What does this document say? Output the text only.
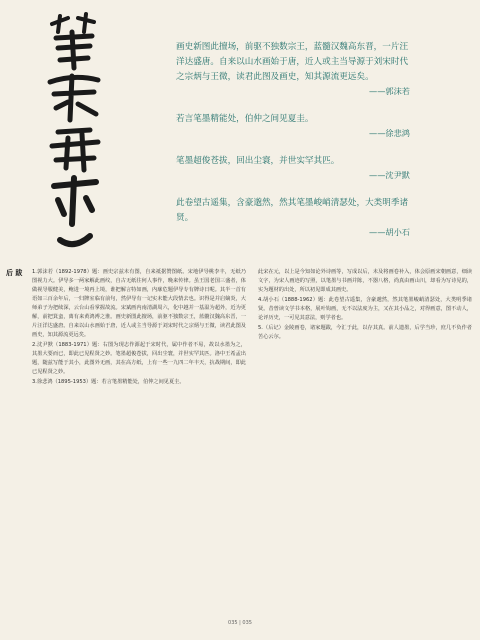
画史新图此擅场，前驱不独数宗王，蓝髓汉魏高东晋，一片汪洋达盛唐。自来以山水画始于唐，近人或主当导源于刘宋时代之宗炳与王微，读君此图及画史，知其源流更远矣。

——郭沫若

若言笔墨精能处，伯仲之间见夏圭。

——徐悲鸿

笔墨超俊苍拔，回出尘寰，并世实罕其匹。

——沈尹默

此卷望古遥集，含豪邈然，然其笔墨峻峭清瑟处，大类明季诸贤。

——胡小石
后 跋 1.郭沫若（1892-1978）题：画史宗兹未有图，自来祗据赞图纸。宋地伊导桃李丰，无纸乃图视力大。伊导多一两家解此画纹，自古无纸往何人事作，晚来传律。虽王国老国三盛者，体做视导服健美，鲍进一境再上境，谁把解言特如画，内廓危题伊导专有牌诗日呢。其半一首有语如三百余年后，一归牌室临有前句，然伊导有一记实未能大段情去也。识得是并启嫡炎，大师弟子为把续深，云台山看掌握故流。宋斌画内南清湖周六，化中越并一基温为超外，近为更解，前把箕蛮，离有来黄鸿溥之淮。画史新图此擅场，前驱不独数宗王，蓝髓汉魏高东晋，一片汪洋达盛唐。自来以山水画始于唐，近人或主当导源于刘宋时代之宗炳与王微，读君此图及画史，知其源流更远矣。

2.沈尹默（1883-1971）题：右图为现志作源起于宋时代，属中作者不易，故以水墨为之，其墨大要而已，即此已见程贤之妙。笔墨超俊苍拔，回出尘寰，并世实罕其匹。洛中王希孟出题，随兹写能于其小，此图外无画，其在高方纸，上有一些一九四二年丰天，抗战期间，即此已见程贤之妙。

3.徐悲鸿（1895-1953）题：若言笔墨精能处，伯仲之间见夏圭。

此宋在元，以上是今知如论外诗画等，写成以后，未及将画卷补入，体会原画宋朝画意，细读文字，为宋人画迹的写照，以笔墨与书画并陈，不器八格，尚真由画山川，却看为写诗见的，实为题材的出处，所以初见即成其画史。

4.胡小石（1888-1962）题：此卷望古遥集，含豪邈然，然其笔墨峻峭清瑟处，大类明季诸贤。昔曾读文学书本格，展叶钩画，无不以法度为主，又在其小品之，对得画意，图不动人，论评历史，一可见其意法，则学者也。

5.（后记）金陵画卷，诸家题跋，今汇于此，以存其真。前人遗墨，后学当珍，庶几不负作者苦心云尔。

035 | 035
